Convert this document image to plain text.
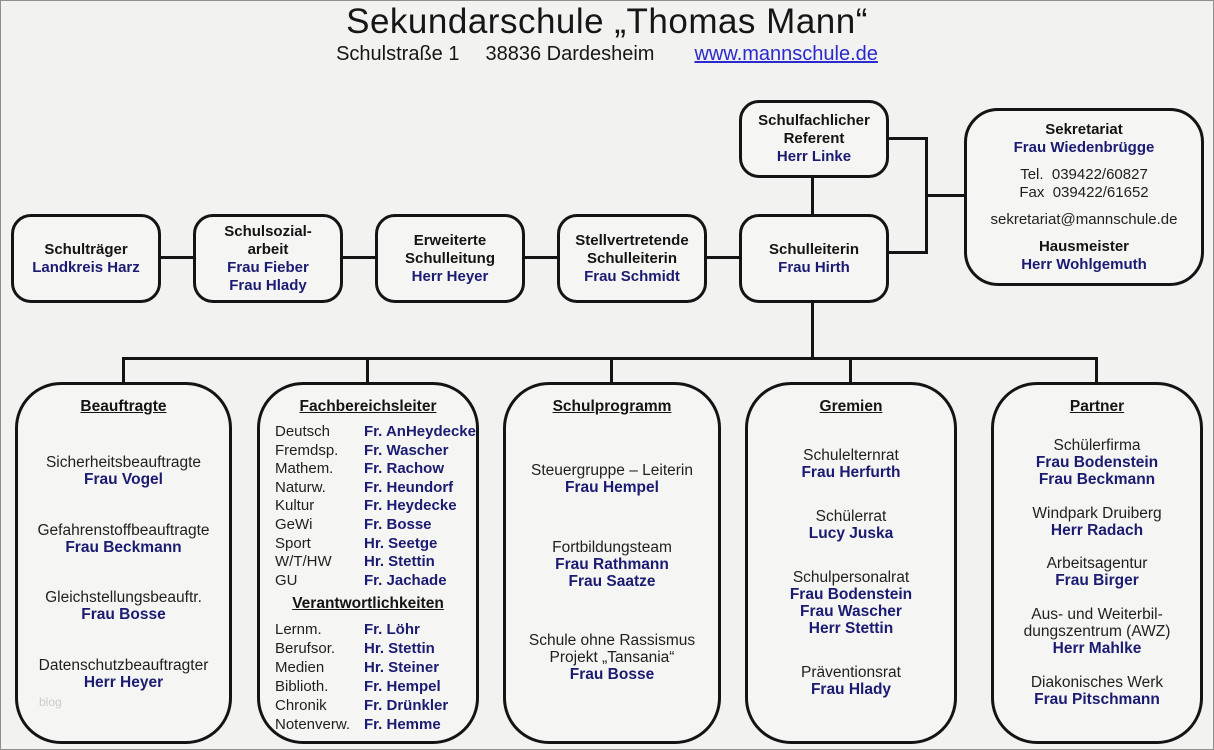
Sekundarschule „Thomas Mann“
Schulstraße 1 38836 Dardesheim www.mannschule.de
Schulfachlicher
Referent
Herr Linke
Sekretariat
Frau Wiedenbrügge
Tel.  039422/60827
Fax  039422/61652
sekretariat@mannschule.de
Hausmeister
Herr Wohlgemuth
Schulträger
Landkreis Harz
Schulsozial-
arbeit
Frau Fieber
Frau Hlady
Erweiterte
Schulleitung
Herr Heyer
Stellvertretende
Schulleiterin
Frau Schmidt
Schulleiterin
Frau Hirth
Beauftragte
Sicherheitsbeauftragte
Frau Vogel
Gefahrenstoffbeauftragte
Frau Beckmann
Gleichstellungsbeauftr.
Frau Bosse
Datenschutzbeauftragter
Herr Heyer
Fachbereichsleiter
Deutsch	Fr. AnHeydecke
Fremdsp.	Fr. Wascher
Mathem.	Fr. Rachow
Naturw.	Fr. Heundorf
Kultur	Fr. Heydecke
GeWi	Fr. Bosse
Sport	Hr. Seetge
W/T/HW	Hr. Stettin
GU	Fr. Jachade
Verantwortlichkeiten
Lernm.	Fr. Löhr
Berufsor.	Hr. Stettin
Medien	Hr. Steiner
Biblioth.	Fr. Hempel
Chronik	Fr. Drünkler
Notenverw. Fr. Hemme
Schulprogramm
Steuergruppe – Leiterin
Frau Hempel
Fortbildungsteam
Frau Rathmann
Frau Saatze
Schule ohne Rassismus
Projekt „Tansania“
Frau Bosse
Gremien
Schulelternrat
Frau Herfurth
Schülerrat
Lucy Juska
Schulpersonalrat
Frau Bodenstein
Frau Wascher
Herr Stettin
Präventionsrat
Frau Hlady
Partner
Schülerfirma
Frau Bodenstein
Frau Beckmann
Windpark Druiberg
Herr Radach
Arbeitsagentur
Frau Birger
Aus- und Weiterbil-
dungszentrum (AWZ)
Herr Mahlke
Diakonisches Werk
Frau Pitschmann
blog
